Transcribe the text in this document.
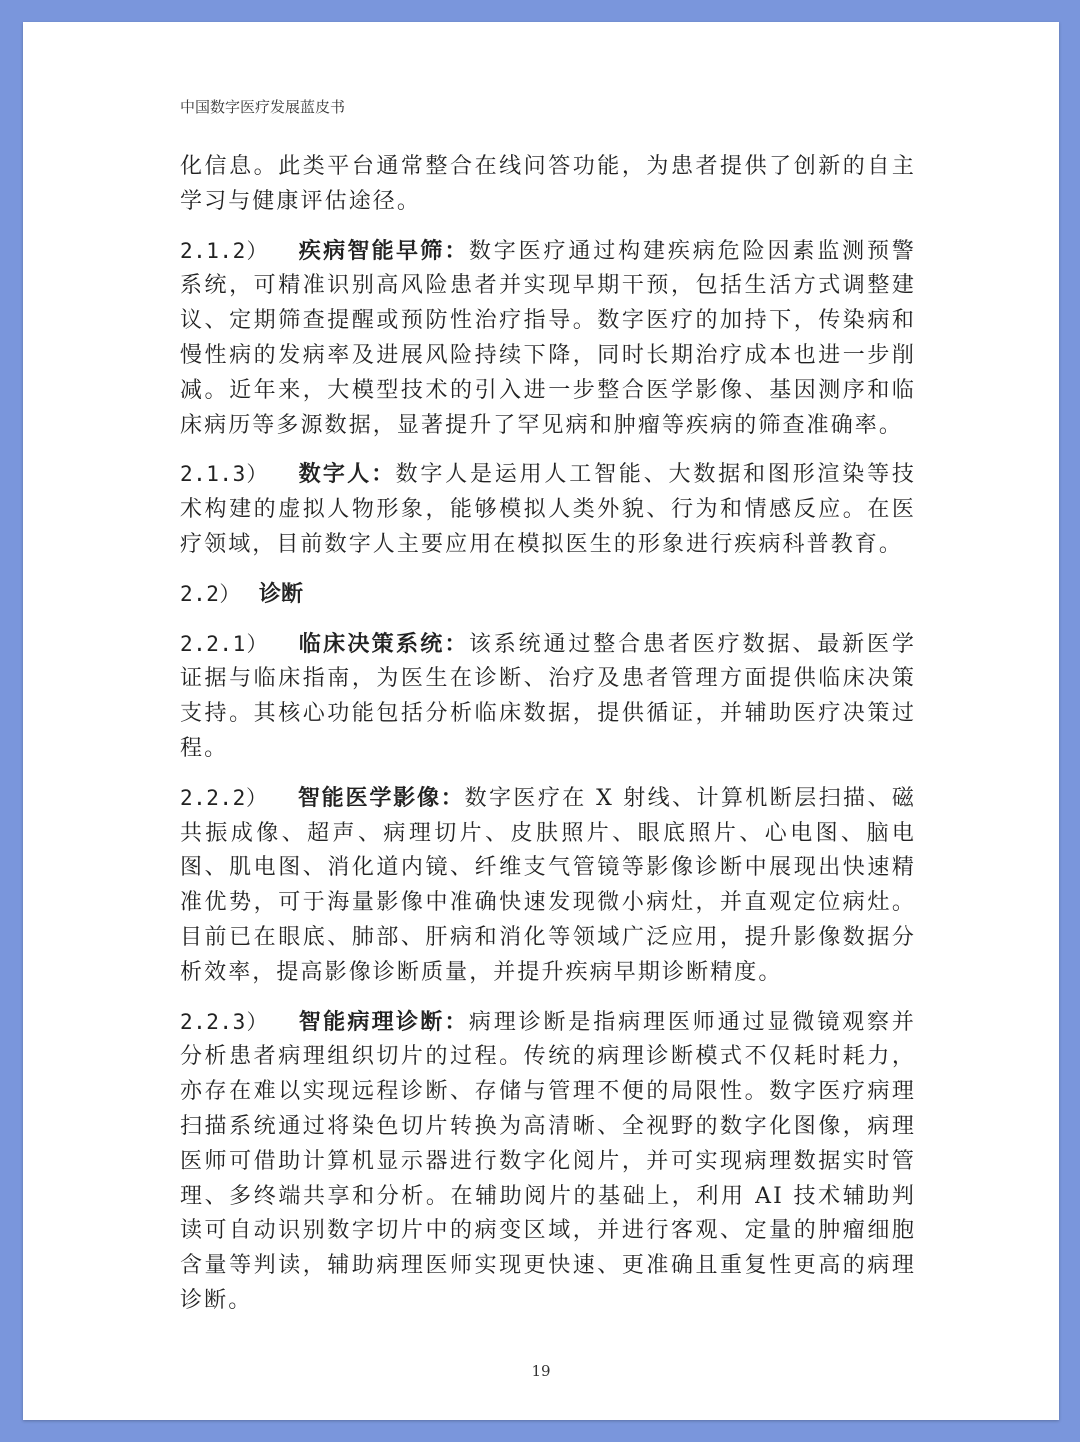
中国数字医疗发展蓝皮书

化信息。此类平台通常整合在线问答功能，为患者提供了创新的自主学习与健康评估途径。

2.1.2） 疾病智能早筛：数字医疗通过构建疾病危险因素监测预警系统，可精准识别高风险患者并实现早期干预，包括生活方式调整建议、定期筛查提醒或预防性治疗指导。数字医疗的加持下，传染病和慢性病的发病率及进展风险持续下降，同时长期治疗成本也进一步削减。近年来，大模型技术的引入进一步整合医学影像、基因测序和临床病历等多源数据，显著提升了罕见病和肿瘤等疾病的筛查准确率。

2.1.3） 数字人：数字人是运用人工智能、大数据和图形渲染等技术构建的虚拟人物形象，能够模拟人类外貌、行为和情感反应。在医疗领域，目前数字人主要应用在模拟医生的形象进行疾病科普教育。

2.2） 诊断

2.2.1） 临床决策系统：该系统通过整合患者医疗数据、最新医学证据与临床指南，为医生在诊断、治疗及患者管理方面提供临床决策支持。其核心功能包括分析临床数据，提供循证，并辅助医疗决策过程。

2.2.2） 智能医学影像：数字医疗在 X 射线、计算机断层扫描、磁共振成像、超声、病理切片、皮肤照片、眼底照片、心电图、脑电图、肌电图、消化道内镜、纤维支气管镜等影像诊断中展现出快速精准优势，可于海量影像中准确快速发现微小病灶，并直观定位病灶。目前已在眼底、肺部、肝病和消化等领域广泛应用，提升影像数据分析效率，提高影像诊断质量，并提升疾病早期诊断精度。

2.2.3） 智能病理诊断：病理诊断是指病理医师通过显微镜观察并分析患者病理组织切片的过程。传统的病理诊断模式不仅耗时耗力，亦存在难以实现远程诊断、存储与管理不便的局限性。数字医疗病理扫描系统通过将染色切片转换为高清晰、全视野的数字化图像，病理医师可借助计算机显示器进行数字化阅片，并可实现病理数据实时管理、多终端共享和分析。在辅助阅片的基础上，利用 AI 技术辅助判读可自动识别数字切片中的病变区域，并进行客观、定量的肿瘤细胞含量等判读，辅助病理医师实现更快速、更准确且重复性更高的病理诊断。

19
